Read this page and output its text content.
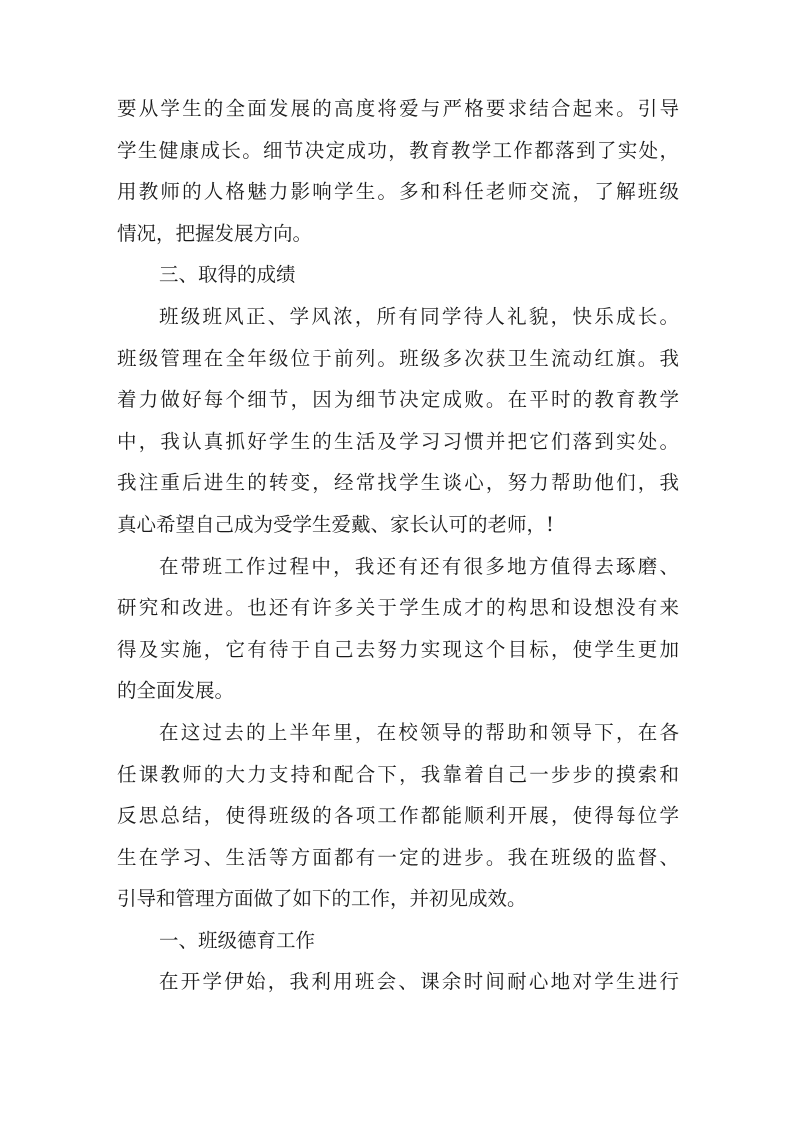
要从学生的全面发展的高度将爱与严格要求结合起来。引导
学生健康成长。细节决定成功，教育教学工作都落到了实处，
用教师的人格魅力影响学生。多和科任老师交流，了解班级
情况，把握发展方向。
三、取得的成绩
班级班风正、学风浓，所有同学待人礼貌，快乐成长。
班级管理在全年级位于前列。班级多次获卫生流动红旗。我
着力做好每个细节，因为细节决定成败。在平时的教育教学
中，我认真抓好学生的生活及学习习惯并把它们落到实处。
我注重后进生的转变，经常找学生谈心，努力帮助他们，我
真心希望自己成为受学生爱戴、家长认可的老师，!
在带班工作过程中，我还有还有很多地方值得去琢磨、
研究和改进。也还有许多关于学生成才的构思和设想没有来
得及实施，它有待于自己去努力实现这个目标，使学生更加
的全面发展。
在这过去的上半年里，在校领导的帮助和领导下，在各
任课教师的大力支持和配合下，我靠着自己一步步的摸索和
反思总结，使得班级的各项工作都能顺利开展，使得每位学
生在学习、生活等方面都有一定的进步。我在班级的监督、
引导和管理方面做了如下的工作，并初见成效。
一、班级德育工作
在开学伊始，我利用班会、课余时间耐心地对学生进行
